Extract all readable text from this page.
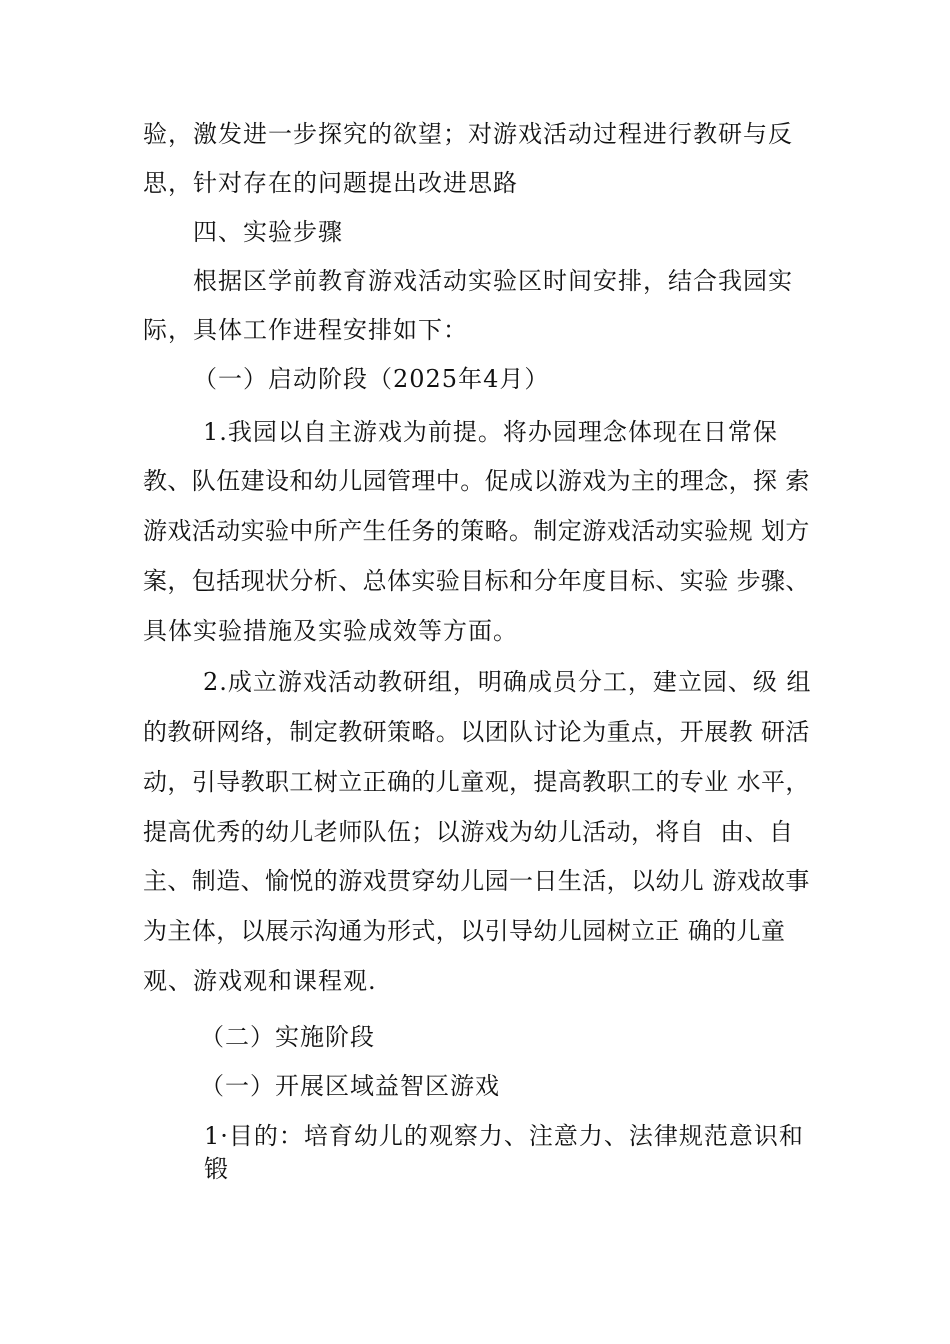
验，激发进一步探究的欲望；对游戏活动过程进行教研与反
思，针对存在的问题提出改进思路
四、实验步骤
根据区学前教育游戏活动实验区时间安排，结合我园实
际，具体工作进程安排如下：
（一）启动阶段（2025年4月）
1.我园以自主游戏为前提。将办园理念体现在日常保
教、队伍建设和幼儿园管理中。促成以游戏为主的理念，探 索
游戏活动实验中所产生任务的策略。制定游戏活动实验规 划方
案，包括现状分析、总体实验目标和分年度目标、实验 步骤、
具体实验措施及实验成效等方面。
2.成立游戏活动教研组，明确成员分工，建立园、级 组
的教研网络，制定教研策略。以团队讨论为重点，开展教 研活
动，引导教职工树立正确的儿童观，提高教职工的专业 水平，
提高优秀的幼儿老师队伍；以游戏为幼儿活动，将自  由、自
主、制造、愉悦的游戏贯穿幼儿园一日生活，以幼儿 游戏故事
为主体，以展示沟通为形式，以引导幼儿园树立正 确的儿童
观、游戏观和课程观.
（二）实施阶段
（一）开展区域益智区游戏
1·目的：培育幼儿的观察力、注意力、法律规范意识和
锻
